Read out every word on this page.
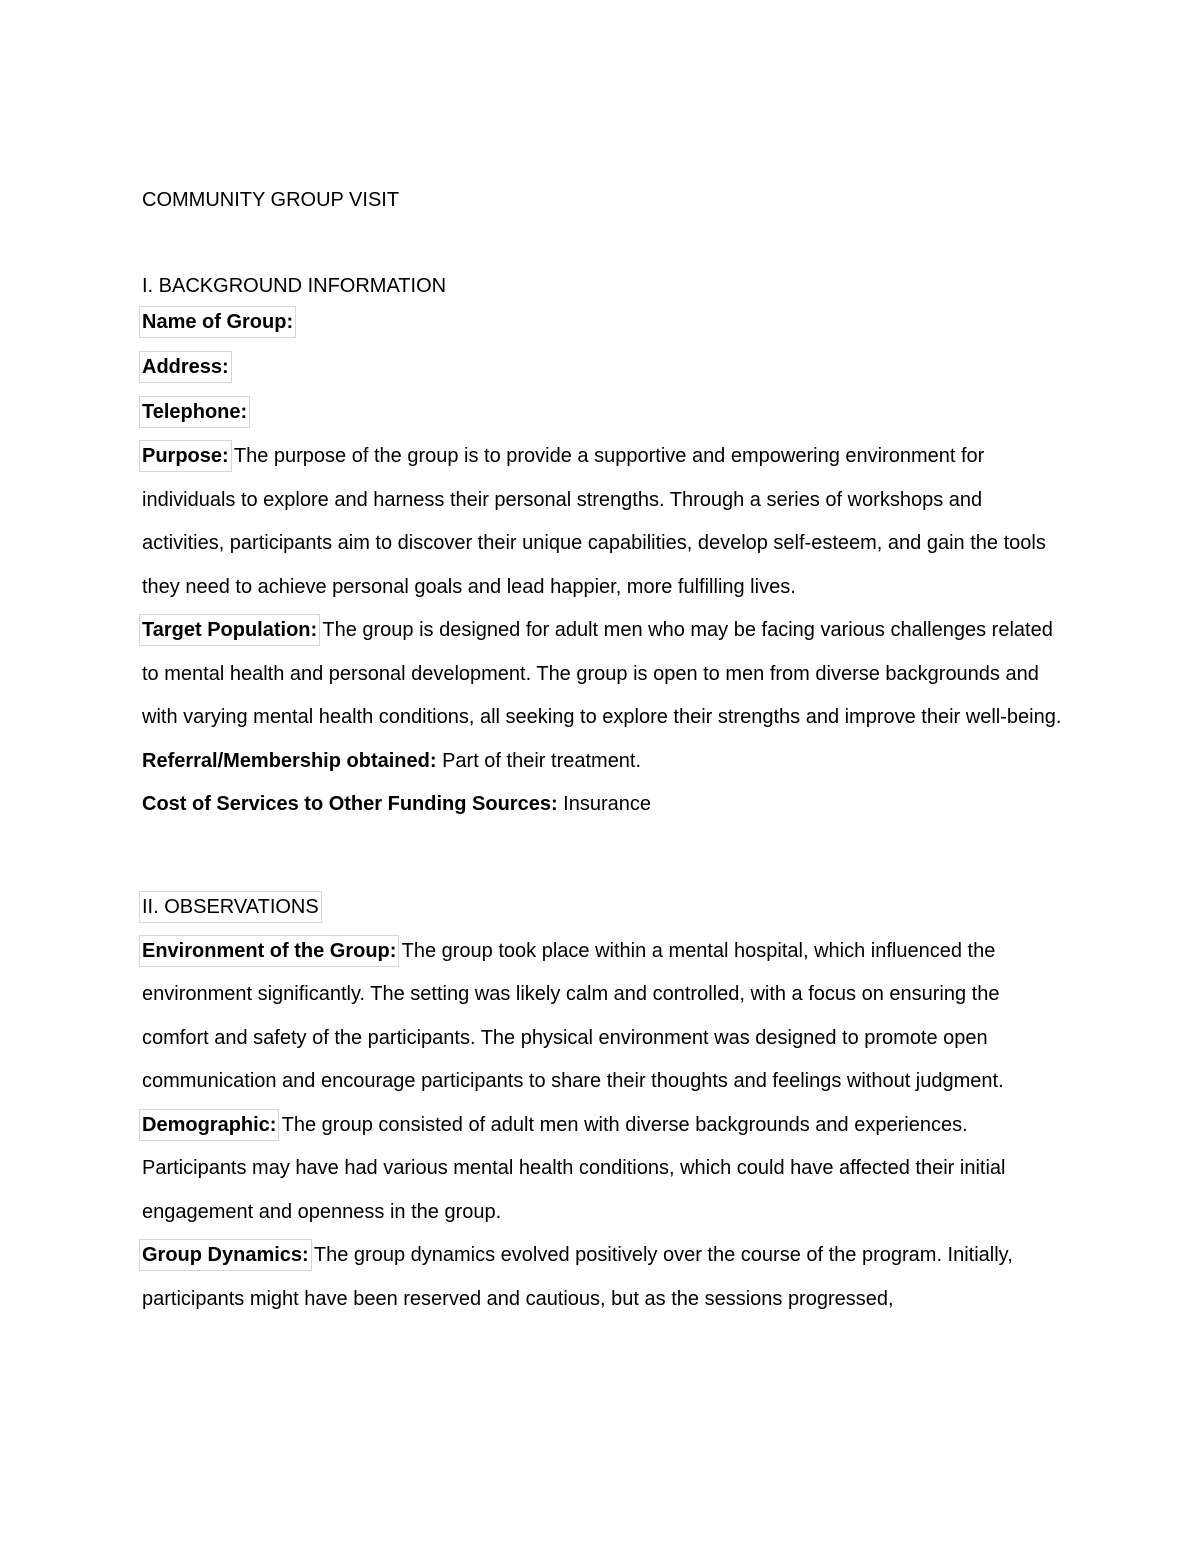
COMMUNITY GROUP VISIT
I. BACKGROUND INFORMATION

Name of Group:

Address:

Telephone:

Purpose: The purpose of the group is to provide a supportive and empowering environment for individuals to explore and harness their personal strengths. Through a series of workshops and activities, participants aim to discover their unique capabilities, develop self-esteem, and gain the tools they need to achieve personal goals and lead happier, more fulfilling lives.

Target Population: The group is designed for adult men who may be facing various challenges related to mental health and personal development. The group is open to men from diverse backgrounds and with varying mental health conditions, all seeking to explore their strengths and improve their well-being.

Referral/Membership obtained: Part of their treatment.

Cost of Services to Other Funding Sources: Insurance

II. OBSERVATIONS

Environment of the Group: The group took place within a mental hospital, which influenced the environment significantly. The setting was likely calm and controlled, with a focus on ensuring the comfort and safety of the participants. The physical environment was designed to promote open communication and encourage participants to share their thoughts and feelings without judgment.

Demographic: The group consisted of adult men with diverse backgrounds and experiences. Participants may have had various mental health conditions, which could have affected their initial engagement and openness in the group.

Group Dynamics: The group dynamics evolved positively over the course of the program. Initially, participants might have been reserved and cautious, but as the sessions progressed,
